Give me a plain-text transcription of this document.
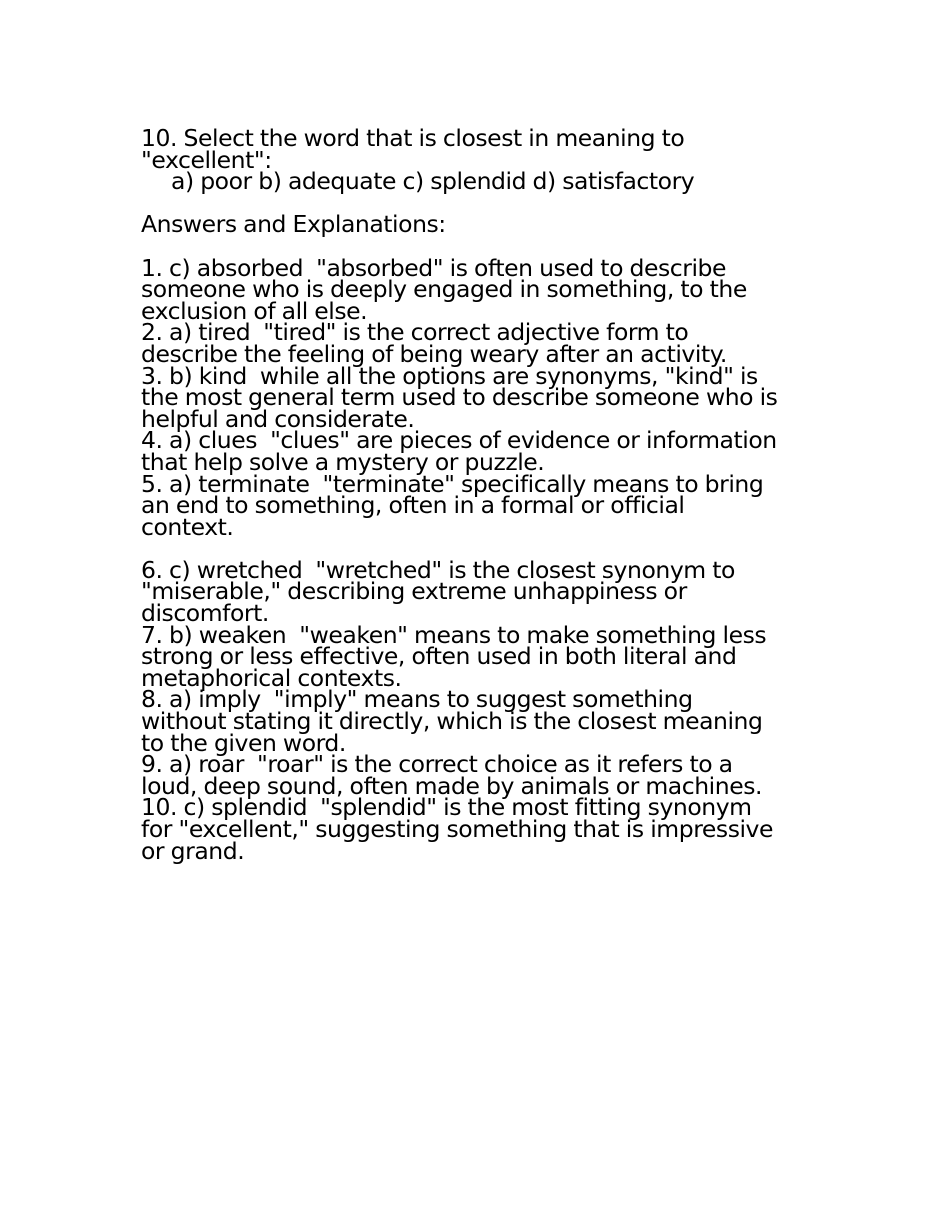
10. Select the word that is closest in meaning to
"excellent":
a) poor b) adequate c) splendid d) satisfactory
Answers and Explanations:
1. c) absorbed  "absorbed" is often used to describe
someone who is deeply engaged in something, to the
exclusion of all else.
2. a) tired  "tired" is the correct adjective form to
describe the feeling of being weary after an activity.
3. b) kind  while all the options are synonyms, "kind" is
the most general term used to describe someone who is
helpful and considerate.
4. a) clues  "clues" are pieces of evidence or information
that help solve a mystery or puzzle.
5. a) terminate  "terminate" specifically means to bring
an end to something, often in a formal or official
context.
6. c) wretched  "wretched" is the closest synonym to
"miserable," describing extreme unhappiness or
discomfort.
7. b) weaken  "weaken" means to make something less
strong or less effective, often used in both literal and
metaphorical contexts.
8. a) imply  "imply" means to suggest something
without stating it directly, which is the closest meaning
to the given word.
9. a) roar  "roar" is the correct choice as it refers to a
loud, deep sound, often made by animals or machines.
10. c) splendid  "splendid" is the most fitting synonym
for "excellent," suggesting something that is impressive
or grand.
